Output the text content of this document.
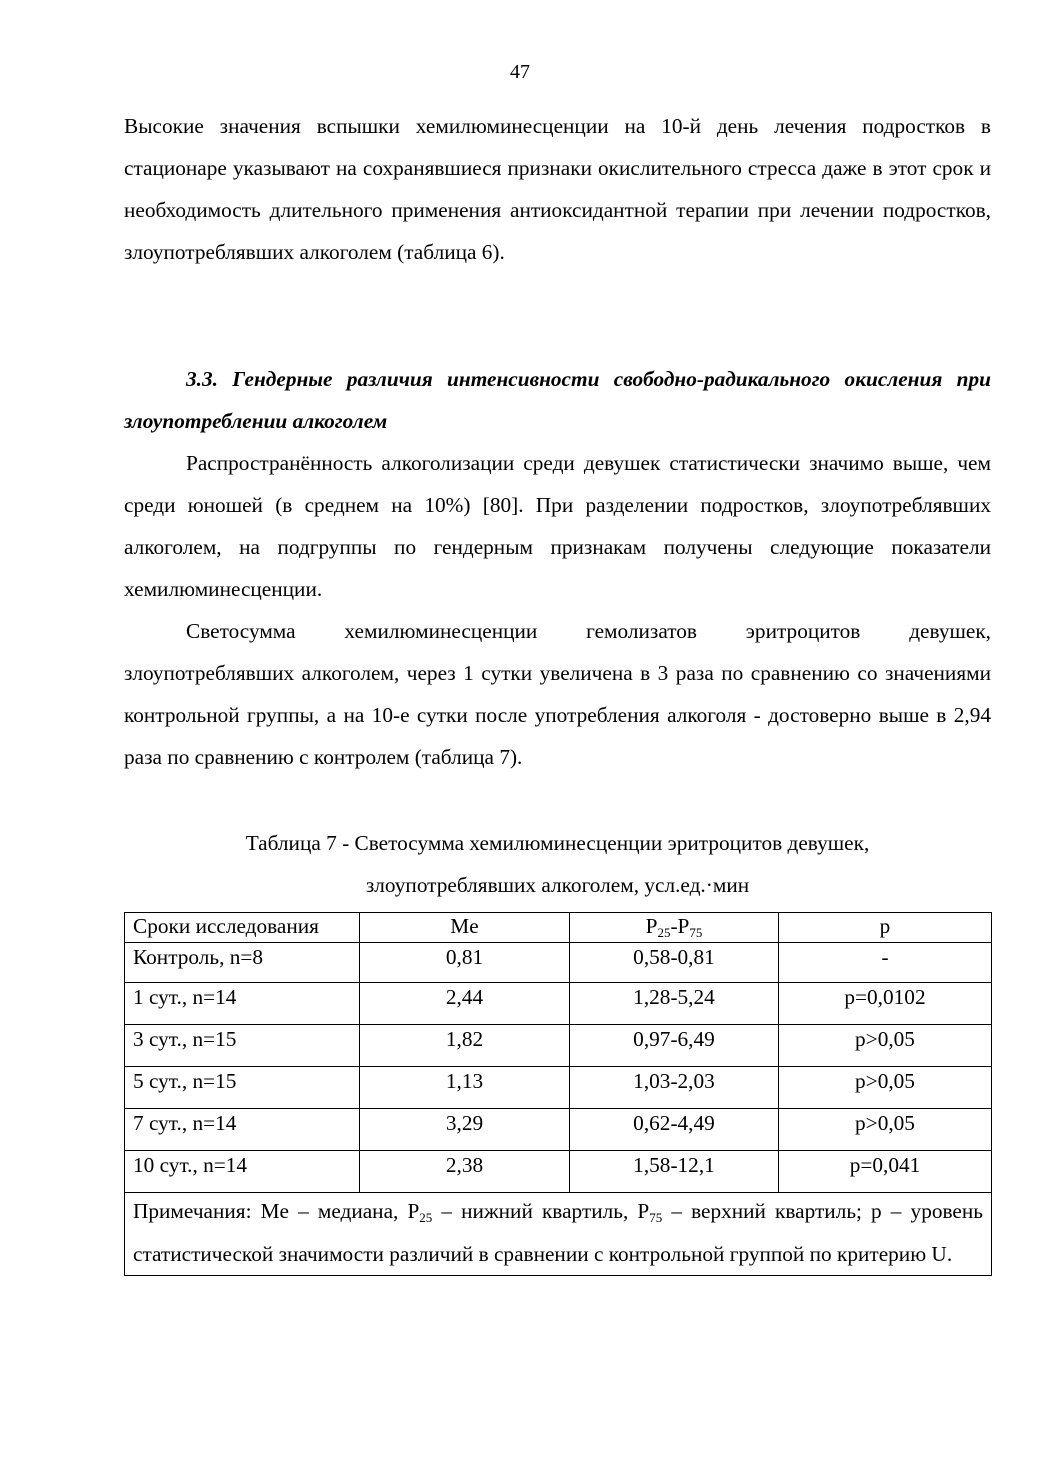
47

Высокие значения вспышки хемилюминесценции на 10-й день лечения подростков в стационаре указывают на сохранявшиеся признаки окислительного стресса даже в этот срок и необходимость длительного применения антиоксидантной терапии при лечении подростков, злоупотреблявших алкоголем (таблица 6).

3.3. Гендерные различия интенсивности свободно-радикального окисления при злоупотреблении алкоголем

Распространённость алкоголизации среди девушек статистически значимо выше, чем среди юношей (в среднем на 10%) [80]. При разделении подростков, злоупотреблявших алкоголем, на подгруппы по гендерным признакам получены следующие показатели хемилюминесценции.

Светосумма хемилюминесценции гемолизатов эритроцитов девушек, злоупотреблявших алкоголем, через 1 сутки увеличена в 3 раза по сравнению со значениями контрольной группы, а на 10-е сутки после употребления алкоголя - достоверно выше в 2,94 раза по сравнению с контролем (таблица 7).

Таблица 7 - Светосумма хемилюминесценции эритроцитов девушек,
злоупотреблявших алкоголем, усл.ед.·мин
Сроки исследования	Me	$P_{25}-P_{75}$	p
Контроль, n=8	0,81	0,58-0,81	-
1 сут., n=14	2,44	1,28-5,24	p=0,0102
3 сут., n=15	1,82	0,97-6,49	p>0,05
5 сут., n=15	1,13	1,03-2,03	p>0,05
7 сут., n=14	3,29	0,62-4,49	p>0,05
10 сут., n=14	2,38	1,58-12,1	p=0,041

Примечания: Me – медиана, $P_{25}$ – нижний квартиль, $P_{75}$ – верхний квартиль; p – уровень статистической значимости различий в сравнении с контрольной группой по критерию U.			
